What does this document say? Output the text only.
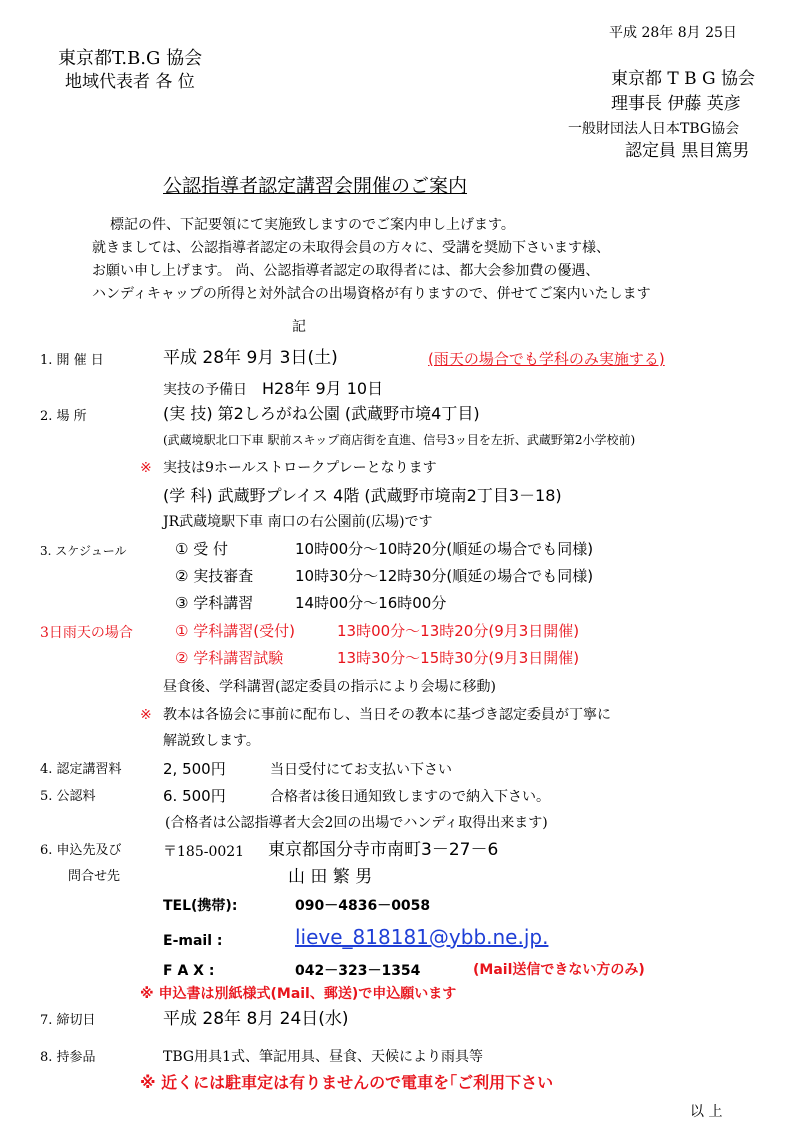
平成 28年 8月 25日
東京都T.B.G 協会
地域代表者 各 位	東京都 T B G 協会
理事長 伊藤 英彦
一般財団法人日本TBG協会
認定員 黒目篤男
公認指導者認定講習会開催のご案内
標記の件、下記要領にて実施致しますのでご案内申し上げます。
就きましては、公認指導者認定の未取得会員の方々に、受講を奨励下さいます様、
お願い申し上げます。 尚、公認指導者認定の取得者には、都大会参加費の優遇、
ハンディキャップの所得と対外試合の出場資格が有りますので、併せてご案内いたします
記
1. 開 催 日	平成 28年 9月 3日(土)	(雨天の場合でも学科のみ実施する)
実技の予備日 H28年 9月 10日
2. 場 所	(実 技) 第2しろがね公園 (武蔵野市境4丁目)
(武蔵境駅北口下車 駅前スキップ商店街を直進、信号3ッ目を左折、武蔵野第2小学校前)
※ 実技は9ホールストロークプレーとなります
(学 科) 武蔵野プレイス 4階 (武蔵野市境南2丁目3－18)
JR武蔵境駅下車 南口の右公園前(広場)です
3. スケジュール	① 受 付	10時00分～10時20分(順延の場合でも同様)
② 実技審査	10時30分～12時30分(順延の場合でも同様)
③ 学科講習	14時00分～16時00分
3日雨天の場合	① 学科講習(受付)	13時00分～13時20分(9月3日開催)
② 学科講習試験	13時30分～15時30分(9月3日開催)
昼食後、学科講習(認定委員の指示により会場に移動)
※ 教本は各協会に事前に配布し、当日その教本に基づき認定委員が丁寧に
解説致します。
4. 認定講習料	2, 500円	当日受付にてお支払い下さい
5. 公認料	6. 500円	合格者は後日通知致しますので納入下さい。
(合格者は公認指導者大会2回の出場でハンディ取得出来ます)
6. 申込先及び
問合せ先
〒185-0021 東京都国分寺市南町3－27－6
山 田 繁 男
TEL(携帯):	090－4836－0058
E-mail :	lieve_818181@ybb.ne.jp.
F A X :	042－323－1354	(Mail送信できない方のみ)
※ 申込書は別紙様式(Mail、郵送)で申込願います
7. 締切日	平成 28年 8月 24日(水)
8. 持参品	TBG用具1式、筆記用具、昼食、天候により雨具等
※ 近くには駐車定は有りませんので電車を｢ご利用下さい
以 上
